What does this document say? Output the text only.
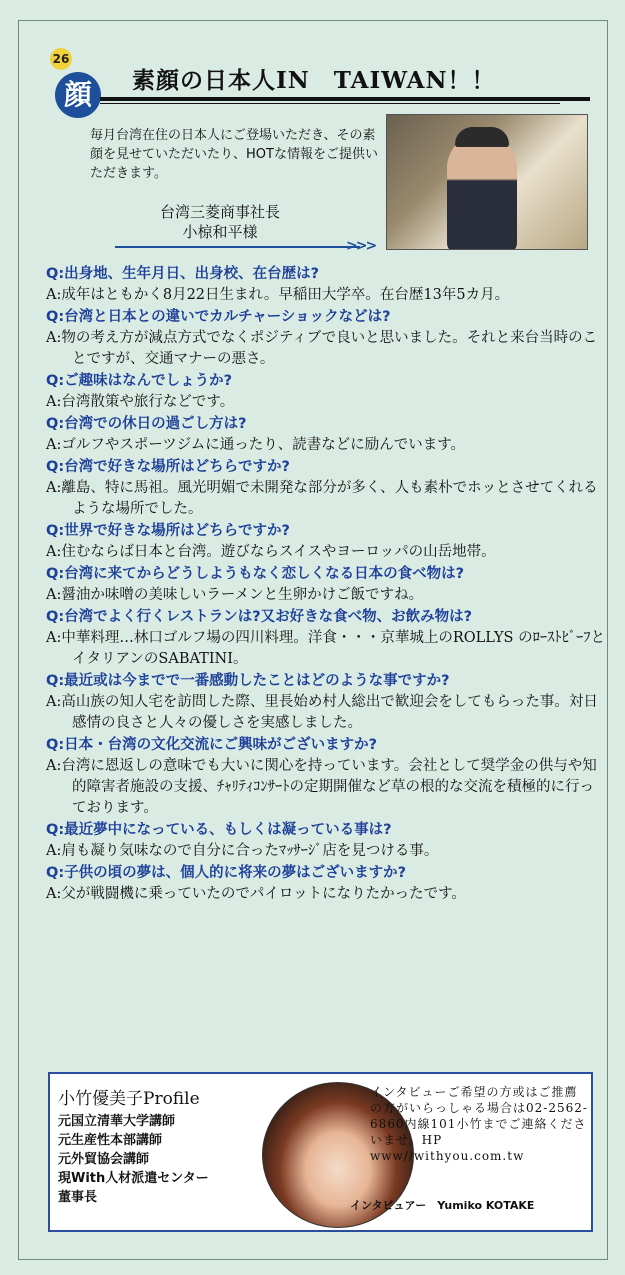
26
顔	素顔の日本人IN　TAIWAN！！
毎月台湾在住の日本人にご登場いただき、その素顔を見せていただいたり、HOTな情報をご提供いただきます。
台湾三菱商事社長
小椋和平様
>>>
Q:出身地、生年月日、出身校、在台歴は?
A:成年はともかく8月22日生まれ。早稲田大学卒。在台歴13年5カ月。
Q:台湾と日本との違いでカルチャーショックなどは?
A:物の考え方が減点方式でなくポジティブで良いと思いました。それと来台当時のことですが、交通マナーの悪さ。
Q:ご趣味はなんでしょうか?
A:台湾散策や旅行などです。
Q:台湾での休日の過ごし方は?
A:ゴルフやスポーツジムに通ったり、読書などに励んでいます。
Q:台湾で好きな場所はどちらですか?
A:離島、特に馬祖。風光明媚で未開発な部分が多く、人も素朴でホッとさせてくれるような場所でした。
Q:世界で好きな場所はどちらですか?
A:住むならば日本と台湾。遊びならスイスやヨーロッパの山岳地帯。
Q:台湾に来てからどうしようもなく恋しくなる日本の食べ物は?
A:醤油か味噌の美味しいラーメンと生卵かけご飯ですね。
Q:台湾でよく行くレストランは?又お好きな食べ物、お飲み物は?
A:中華料理…林口ゴルフ場の四川料理。洋食・・・京華城上のROLLYS のﾛｰｽﾄﾋﾞｰﾌとイタリアンのSABATINI。
Q:最近或は今までで一番感動したことはどのような事ですか?
A:高山族の知人宅を訪問した際、里長始め村人総出で歓迎会をしてもらった事。対日感情の良さと人々の優しさを実感しました。
Q:日本・台湾の文化交流にご興味がございますか?
A:台湾に恩返しの意味でも大いに関心を持っています。会社として奨学金の供与や知的障害者施設の支援、ﾁｬﾘﾃｨｺﾝｻｰﾄの定期開催など草の根的な交流を積極的に行っております。
Q:最近夢中になっている、もしくは凝っている事は?
A:肩も凝り気味なので自分に合ったﾏｯｻｰｼﾞ店を見つける事。
Q:子供の頃の夢は、個人的に将来の夢はございますか?
A:父が戦闘機に乗っていたのでパイロットになりたかったです。
小竹優美子Profile
元国立清華大学講師
元生産性本部講師
元外貿協会講師
現With人材派遣センター
董事長
インタビューご希望の方或はご推薦の方がいらっしゃる場合は02-2562-6860内線101小竹までご連絡くださいませ。HP www//withyou.com.tw
インタビュアー　Yumiko KOTAKE
